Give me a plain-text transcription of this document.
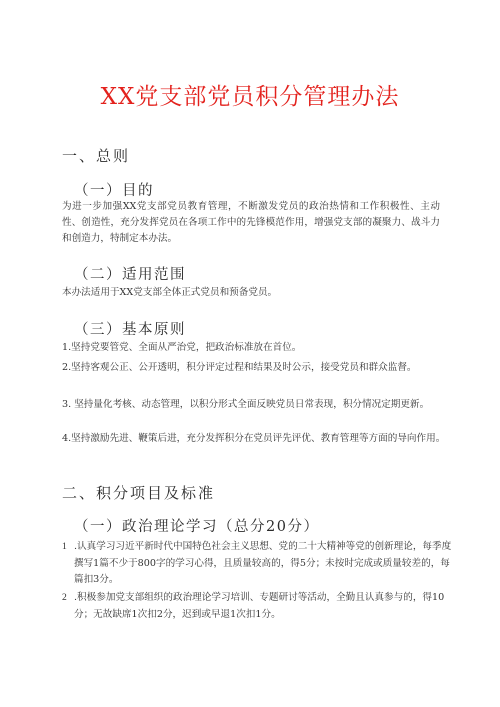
XX党支部党员积分管理办法
一、总则
（一）目的
为进一步加强XX党支部党员教育管理，不断激发党员的政治热情和工作积极性、主动性、创造性，充分发挥党员在各项工作中的先锋模范作用，增强党支部的凝聚力、战斗力和创造力，特制定本办法。
（二）适用范围
本办法适用于XX党支部全体正式党员和预备党员。
（三）基本原则
1.坚持党要管党、全面从严治党，把政治标准放在首位。
2.坚持客观公正、公开透明，积分评定过程和结果及时公示，接受党员和群众监督。
3. 坚持量化考核、动态管理，以积分形式全面反映党员日常表现，积分情况定期更新。
4.坚持激励先进、鞭策后进，充分发挥积分在党员评先评优、教育管理等方面的导向作用。
二、积分项目及标准
（一）政治理论学习（总分20分）
1 .认真学习习近平新时代中国特色社会主义思想、党的二十大精神等党的创新理论，每季度撰写1篇不少于800字的学习心得，且质量较高的，得5分；未按时完成或质量较差的，每篇扣3分。
2 .积极参加党支部组织的政治理论学习培训、专题研讨等活动，全勤且认真参与的，得10分；无故缺席1次扣2分，迟到或早退1次扣1分。
